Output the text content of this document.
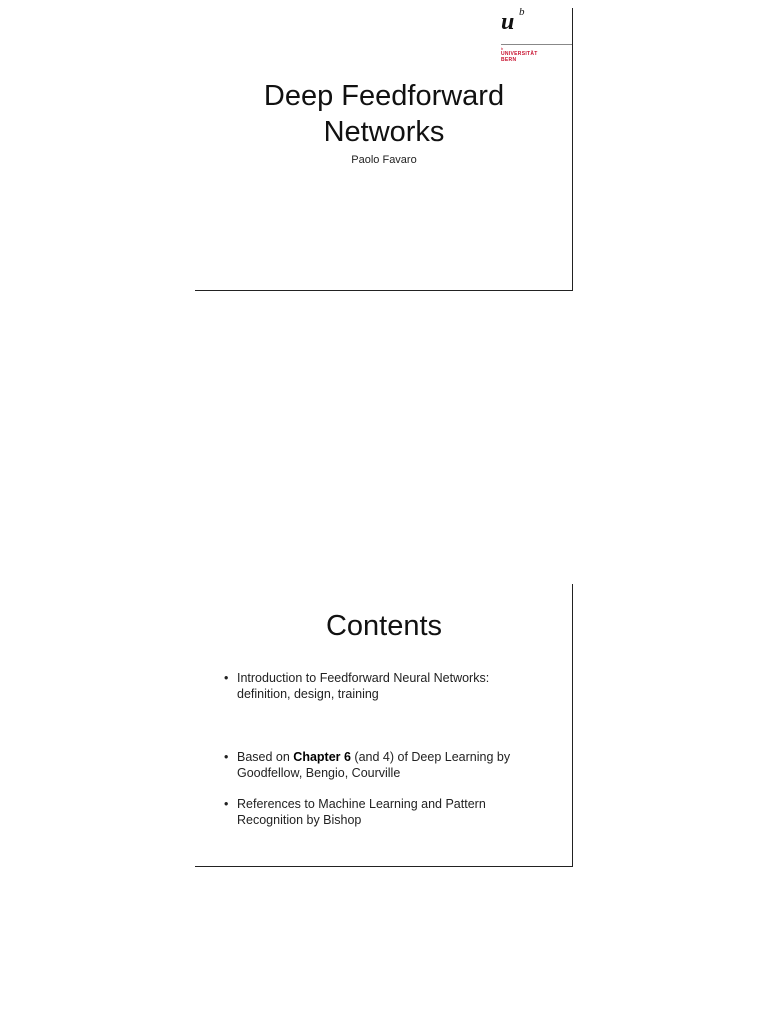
u b
b
UNIVERSITÄT
BERN
Deep Feedforward
Networks
Paolo Favaro
Contents
• Introduction to Feedforward Neural Networks:
definition, design, training
• Based on Chapter 6 (and 4) of Deep Learning by
Goodfellow, Bengio, Courville
• References to Machine Learning and Pattern
Recognition by Bishop
